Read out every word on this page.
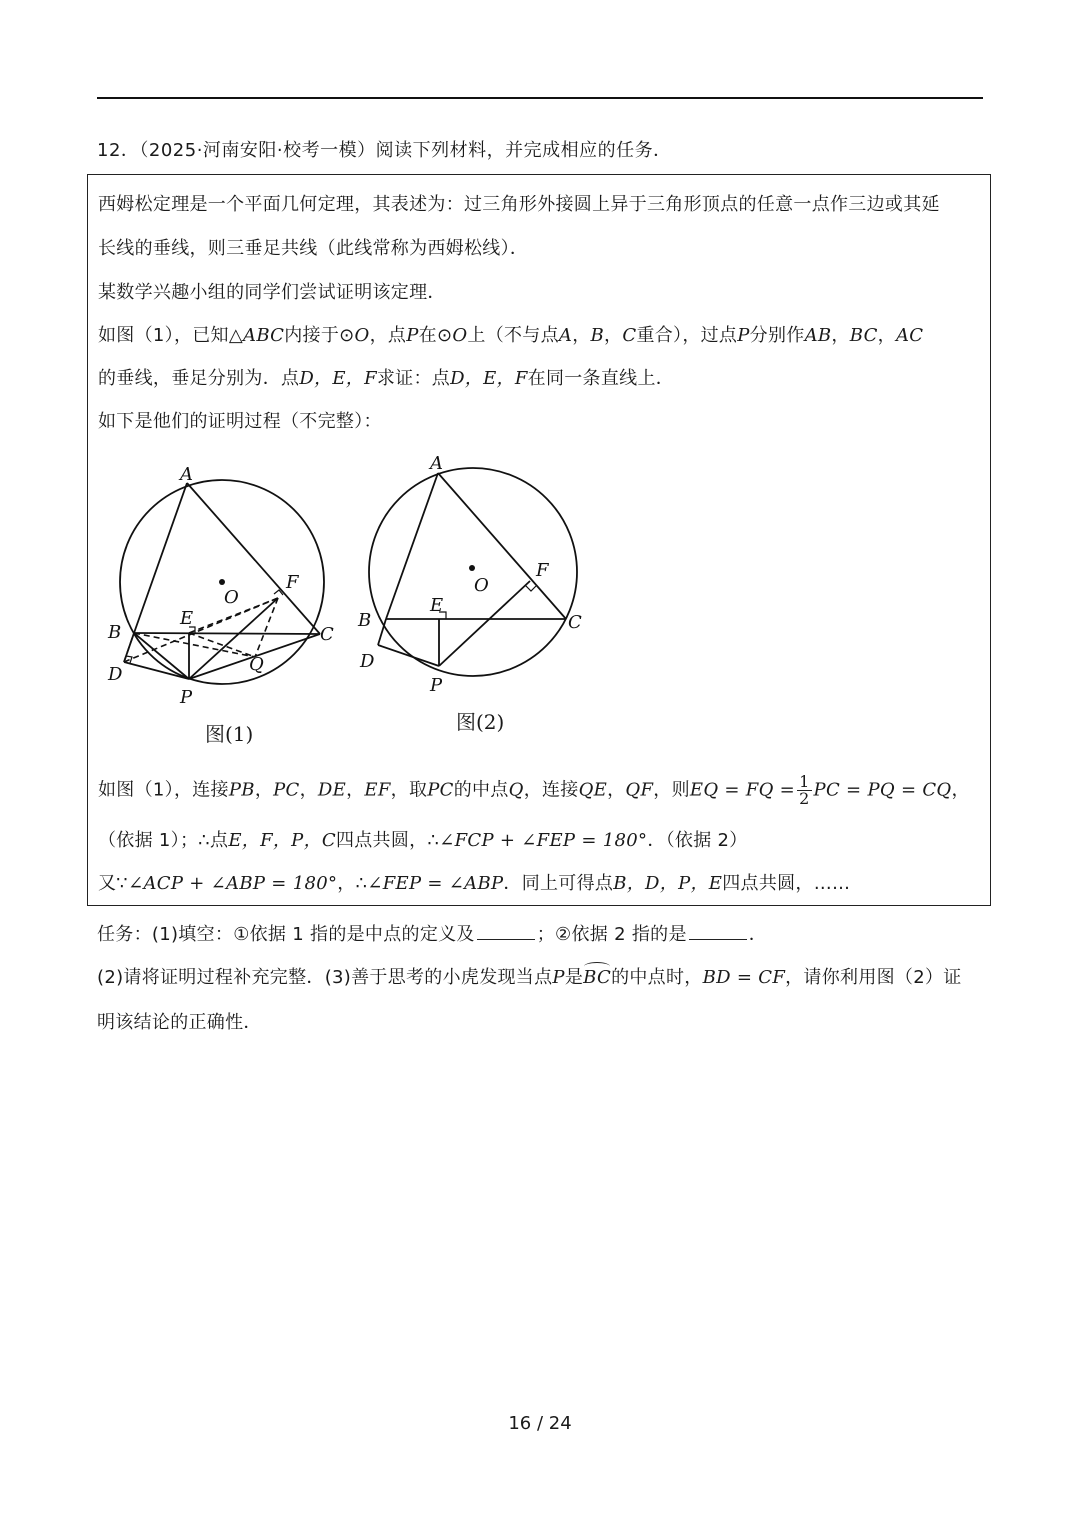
12．（2025·河南安阳·校考一模）阅读下列材料，并完成相应的任务．
西姆松定理是一个平面几何定理，其表述为：过三角形外接圆上异于三角形顶点的任意一点作三边或其延
长线的垂线，则三垂足共线（此线常称为西姆松线）．
某数学兴趣小组的同学们尝试证明该定理．
如图（1），已知△ABC内接于⊙O，点P在⊙O上（不与点A，B，C重合），过点P分别作AB，BC，AC
的垂线，垂足分别为．点D，E，F求证：点D，E，F在同一条直线上．
如下是他们的证明过程（不完整）：
A
O
F
E
B	C
Q
D
P
图(1)
A
O
F
E
B	C
D
P
图(2)
如图（1），连接PB，PC，DE，EF，取PC的中点Q，连接QE，QF，则EQ = FQ = $\frac{1}{2}$ PC = PQ = CQ，
（依据 1）；∴点E，F，P，C四点共圆，∴∠FCP + ∠FEP = 180°．（依据 2）
又∵∠ACP + ∠ABP = 180°，∴∠FEP = ∠ABP．同上可得点B，D，P，E四点共圆，……
任务：(1)填空：①依据 1 指的是中点的定义及	；②依据 2 指的是	．
(2)请将证明过程补充完整．(3)善于思考的小虎发现当点P是BC的中点时，BD = CF，请你利用图（2）证
明该结论的正确性．
16 / 24
